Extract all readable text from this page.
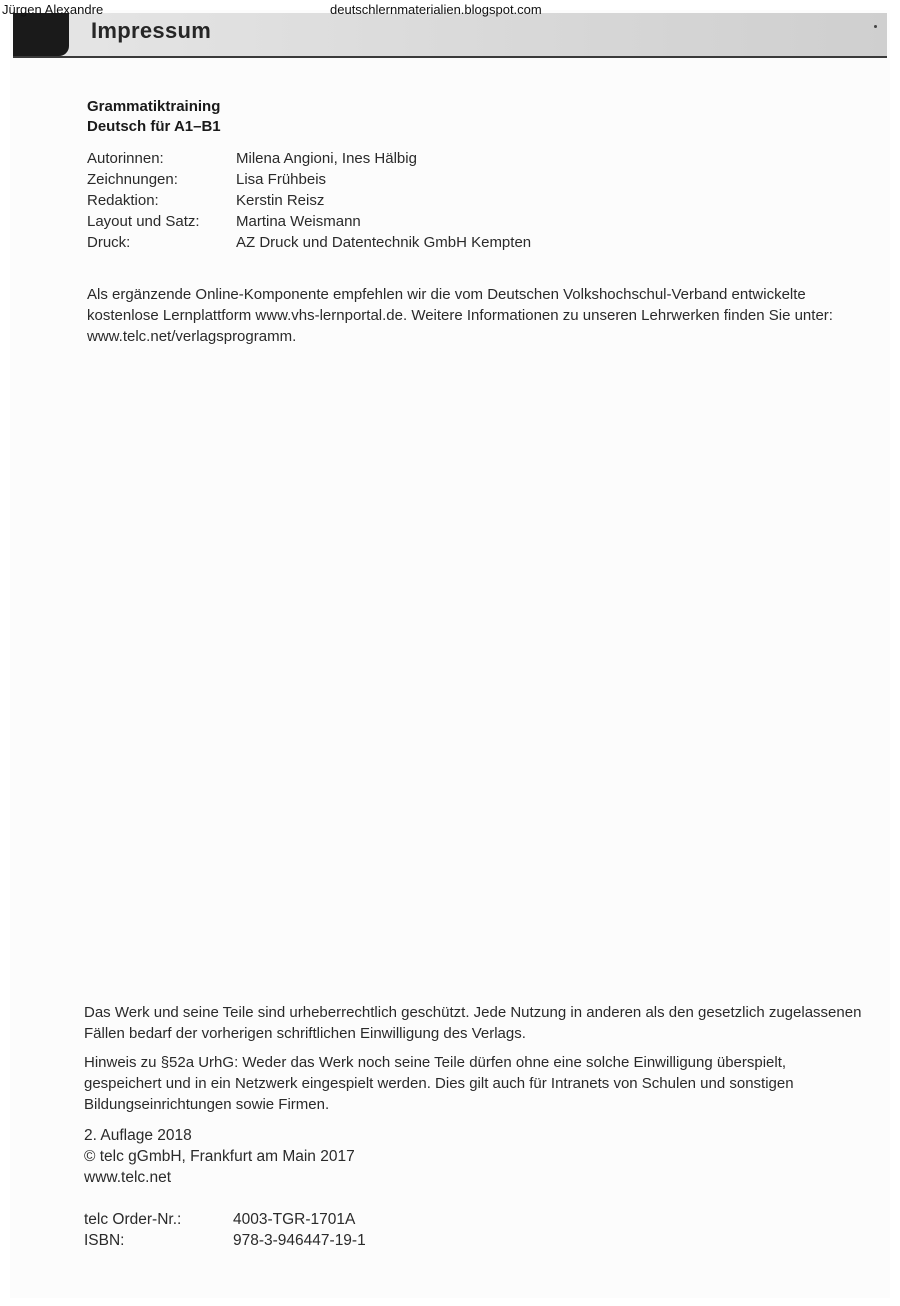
Impressum
Jürgen Alexandre	deutschlernmaterialien.blogspot.com
Grammatiktraining
Deutsch für A1–B1
Autorinnen:	Milena Angioni, Ines Hälbig
Zeichnungen:	Lisa Frühbeis
Redaktion:	Kerstin Reisz
Layout und Satz:	Martina Weismann
Druck:	AZ Druck und Datentechnik GmbH Kempten
Als ergänzende Online-Komponente empfehlen wir die vom Deutschen Volkshochschul-Verband entwickelte kostenlose Lernplattform www.vhs-lernportal.de. Weitere Informationen zu unseren Lehrwerken finden Sie unter: www.telc.net/verlagsprogramm.

Das Werk und seine Teile sind urheberrechtlich geschützt. Jede Nutzung in anderen als den gesetzlich zugelassenen Fällen bedarf der vorherigen schriftlichen Einwilligung des Verlags.

Hinweis zu §52a UrhG: Weder das Werk noch seine Teile dürfen ohne eine solche Einwilligung überspielt, gespeichert und in ein Netzwerk eingespielt werden. Dies gilt auch für Intranets von Schulen und sonstigen Bildungseinrichtungen sowie Firmen.

2. Auflage 2018
© telc gGmbH, Frankfurt am Main 2017
www.telc.net
telc Order-Nr.:	4003-TGR-1701A
ISBN:	978-3-946447-19-1
